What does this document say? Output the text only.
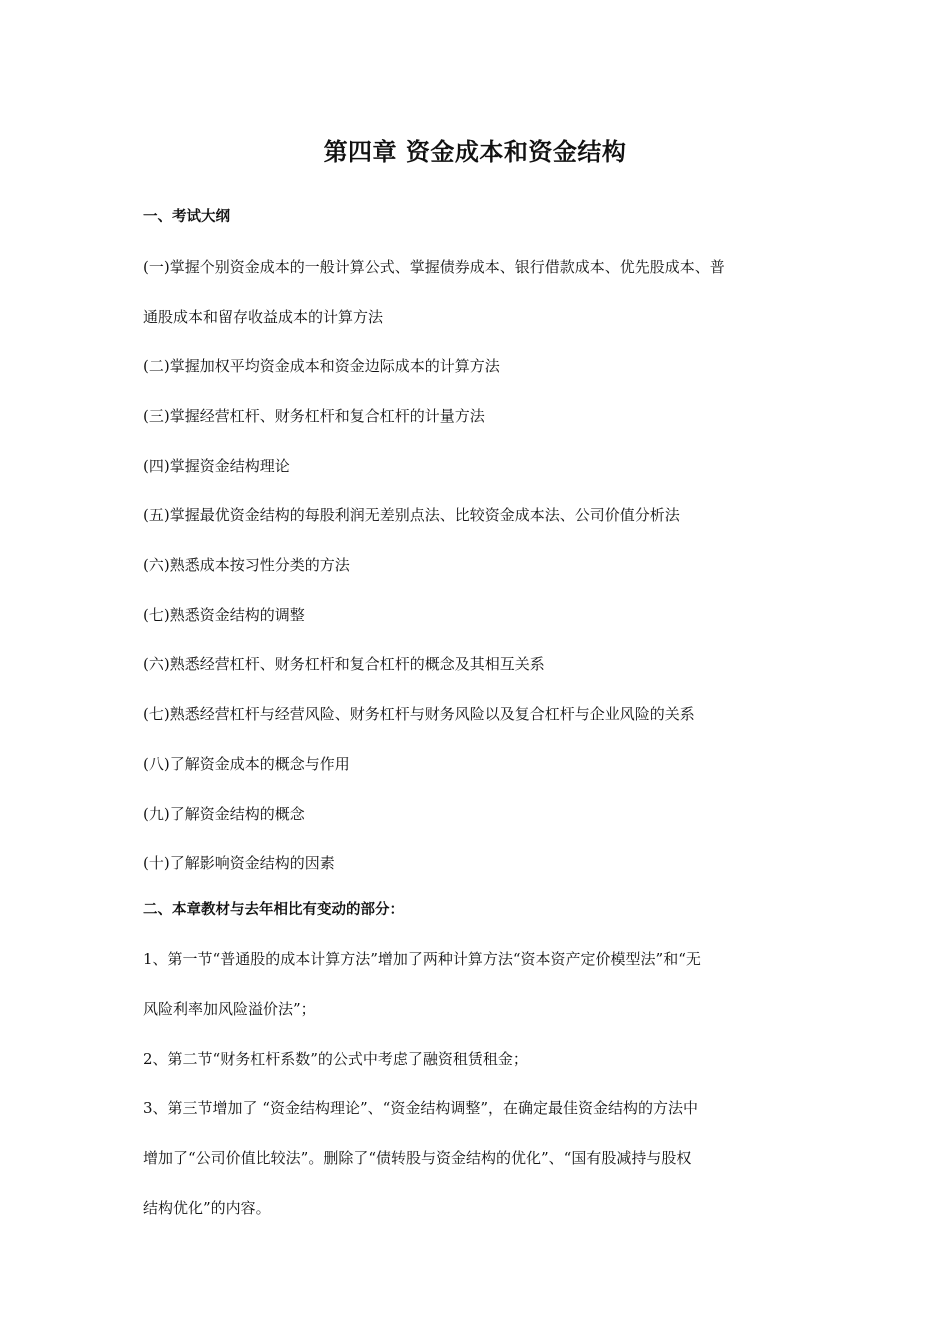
第四章 资金成本和资金结构
一、考试大纲
(一)掌握个别资金成本的一般计算公式、掌握债券成本、银行借款成本、优先股成本、普
通股成本和留存收益成本的计算方法
(二)掌握加权平均资金成本和资金边际成本的计算方法
(三)掌握经营杠杆、财务杠杆和复合杠杆的计量方法
(四)掌握资金结构理论
(五)掌握最优资金结构的每股利润无差别点法、比较资金成本法、公司价值分析法
(六)熟悉成本按习性分类的方法
(七)熟悉资金结构的调整
(六)熟悉经营杠杆、财务杠杆和复合杠杆的概念及其相互关系
(七)熟悉经营杠杆与经营风险、财务杠杆与财务风险以及复合杠杆与企业风险的关系
(八)了解资金成本的概念与作用
(九)了解资金结构的概念
(十)了解影响资金结构的因素
二、本章教材与去年相比有变动的部分：
1、第一节“普通股的成本计算方法”增加了两种计算方法“资本资产定价模型法”和“无
风险利率加风险溢价法”；
2、第二节“财务杠杆系数”的公式中考虑了融资租赁租金；
3、第三节增加了 “资金结构理论”、“资金结构调整”，在确定最佳资金结构的方法中
增加了“公司价值比较法”。删除了“债转股与资金结构的优化”、“国有股减持与股权
结构优化”的内容。
